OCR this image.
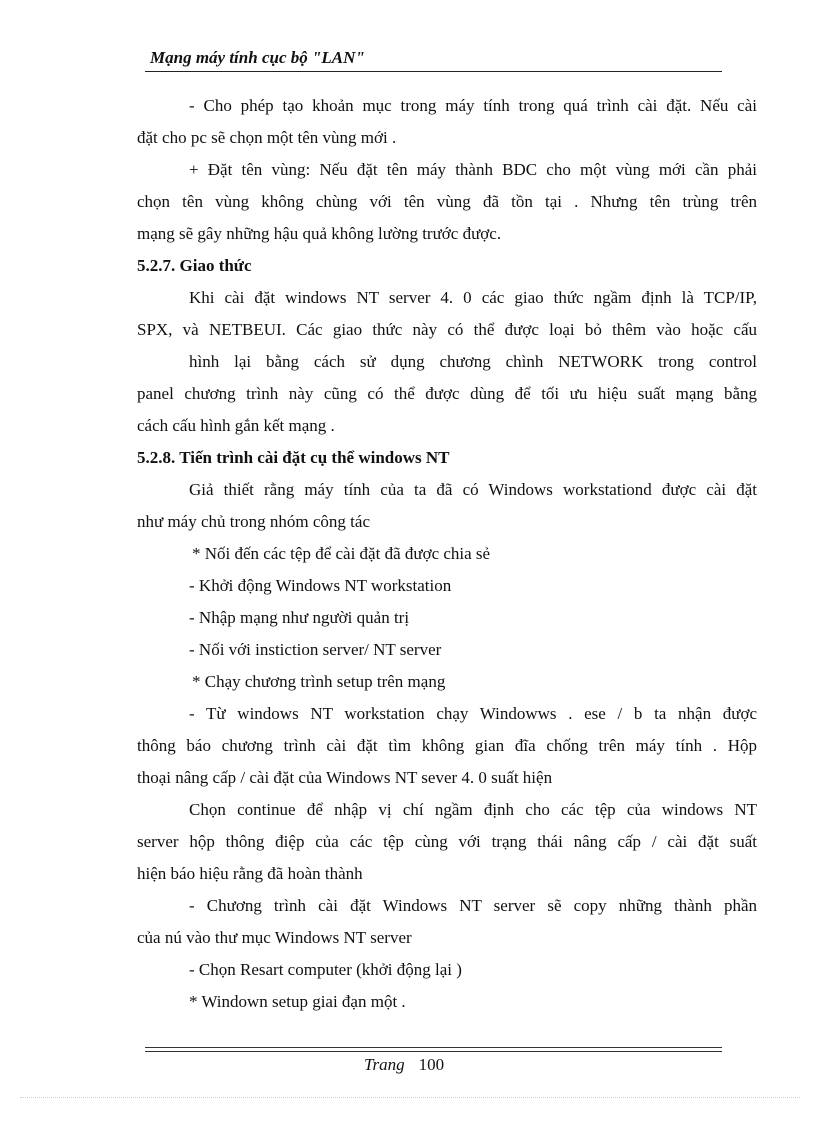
Mạng máy tính cục bộ "LAN"
- Cho phép tạo khoản mục trong máy tính trong quá trình cài đặt. Nếu cài
đặt cho pc sẽ chọn một tên vùng mới .
+ Đặt tên vùng: Nếu đặt tên máy thành BDC cho một vùng mới cần phải
chọn tên vùng không chùng với tên vùng đã tồn tại . Nhưng tên trùng trên
mạng sẽ gây những hậu quả không lường trước được.
5.2.7. Giao thức
Khi cài đặt windows NT server 4. 0 các giao thức ngầm định là TCP/IP,
SPX, và NETBEUI. Các giao thức này có thể được loại bỏ thêm vào hoặc cấu
hình lại bằng cách sử dụng chương chình NETWORK trong control
panel chương trình này cũng có thể được dùng để tối ưu hiệu suất mạng bằng
cách cấu hình gắn kết mạng .
5.2.8. Tiến trình cài đặt cụ thể windows NT
Giả thiết rằng máy tính của ta đã có Windows workstationd được cài đặt
như máy chủ trong nhóm công tác
* Nối đến các tệp để cài đặt đã được chia sẻ
- Khởi động Windows NT workstation
- Nhập mạng như người quản trị
- Nối với instiction server/ NT server
* Chạy chương trình setup trên mạng
- Từ windows NT workstation chạy Windowws . ese / b ta nhận được
thông báo chương trình cài đặt tìm không gian đĩa chống trên máy tính . Hộp
thoại nâng cấp / cài đặt của Windows NT sever 4. 0 suất hiện
Chọn continue để nhập vị chí ngầm định cho các tệp của windows NT
server hộp thông điệp của các tệp cùng với trạng thái nâng cấp / cài đặt suất
hiện báo hiệu rằng đã hoàn thành
- Chương trình cài đặt Windows NT server sẽ copy những thành phần
của nú vào thư mục Windows NT server
- Chọn Resart computer (khởi động lại )
* Windown setup giai đạn một .
Trang 100
